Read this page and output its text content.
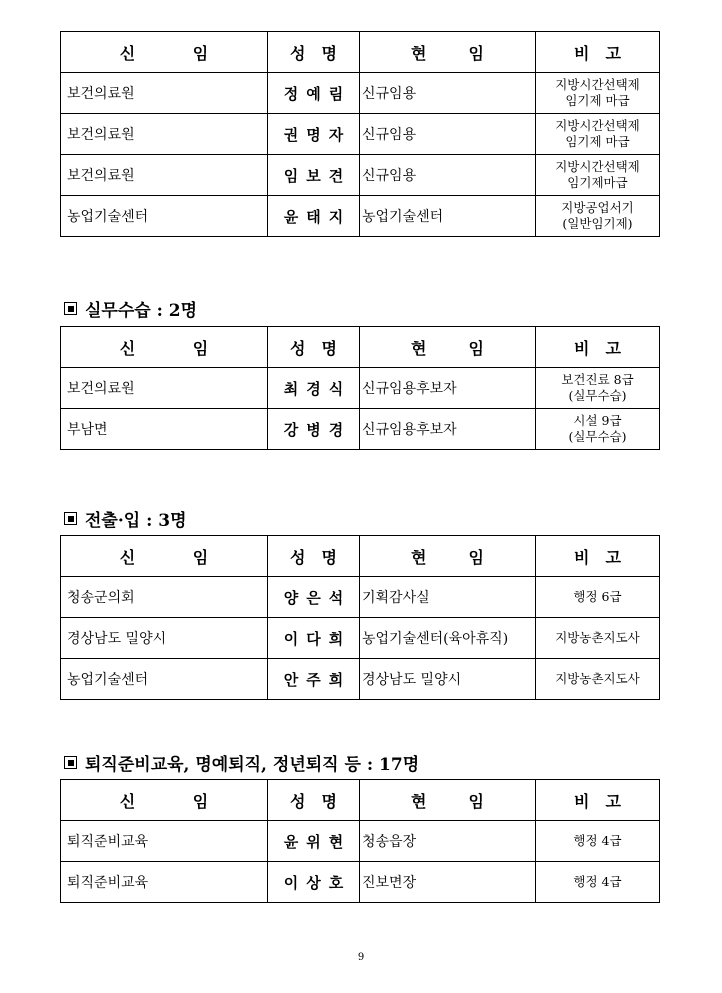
신 임	성 명	현 임	비 고

보건의료원	정예림	신규임용	지방시간선택제
임기제 마급

보건의료원	권명자	신규임용	지방시간선택제
임기제 마급

보건의료원	임보견	신규임용	지방시간선택제
임기제마급

농업기술센터	윤태지	농업기술센터	지방공업서기
(일반임기제)
실무수습 : 2명
신 임	성 명	현 임	비 고

보건의료원	최경식	신규임용후보자	보건진료 8급
(실무수습)

부남면	강병경	신규임용후보자	시설 9급
(실무수습)
전출·입 : 3명
신 임	성 명	현 임	비 고

청송군의회	양은석	기획감사실	행정 6급

경상남도 밀양시	이다희	농업기술센터(육아휴직)	지방농촌지도사

농업기술센터	안주희	경상남도 밀양시	지방농촌지도사
퇴직준비교육, 명예퇴직, 정년퇴직 등 : 17명
신 임	성 명	현 임	비 고

퇴직준비교육	윤위현	청송읍장	행정 4급

퇴직준비교육	이상호	진보면장	행정 4급
9
